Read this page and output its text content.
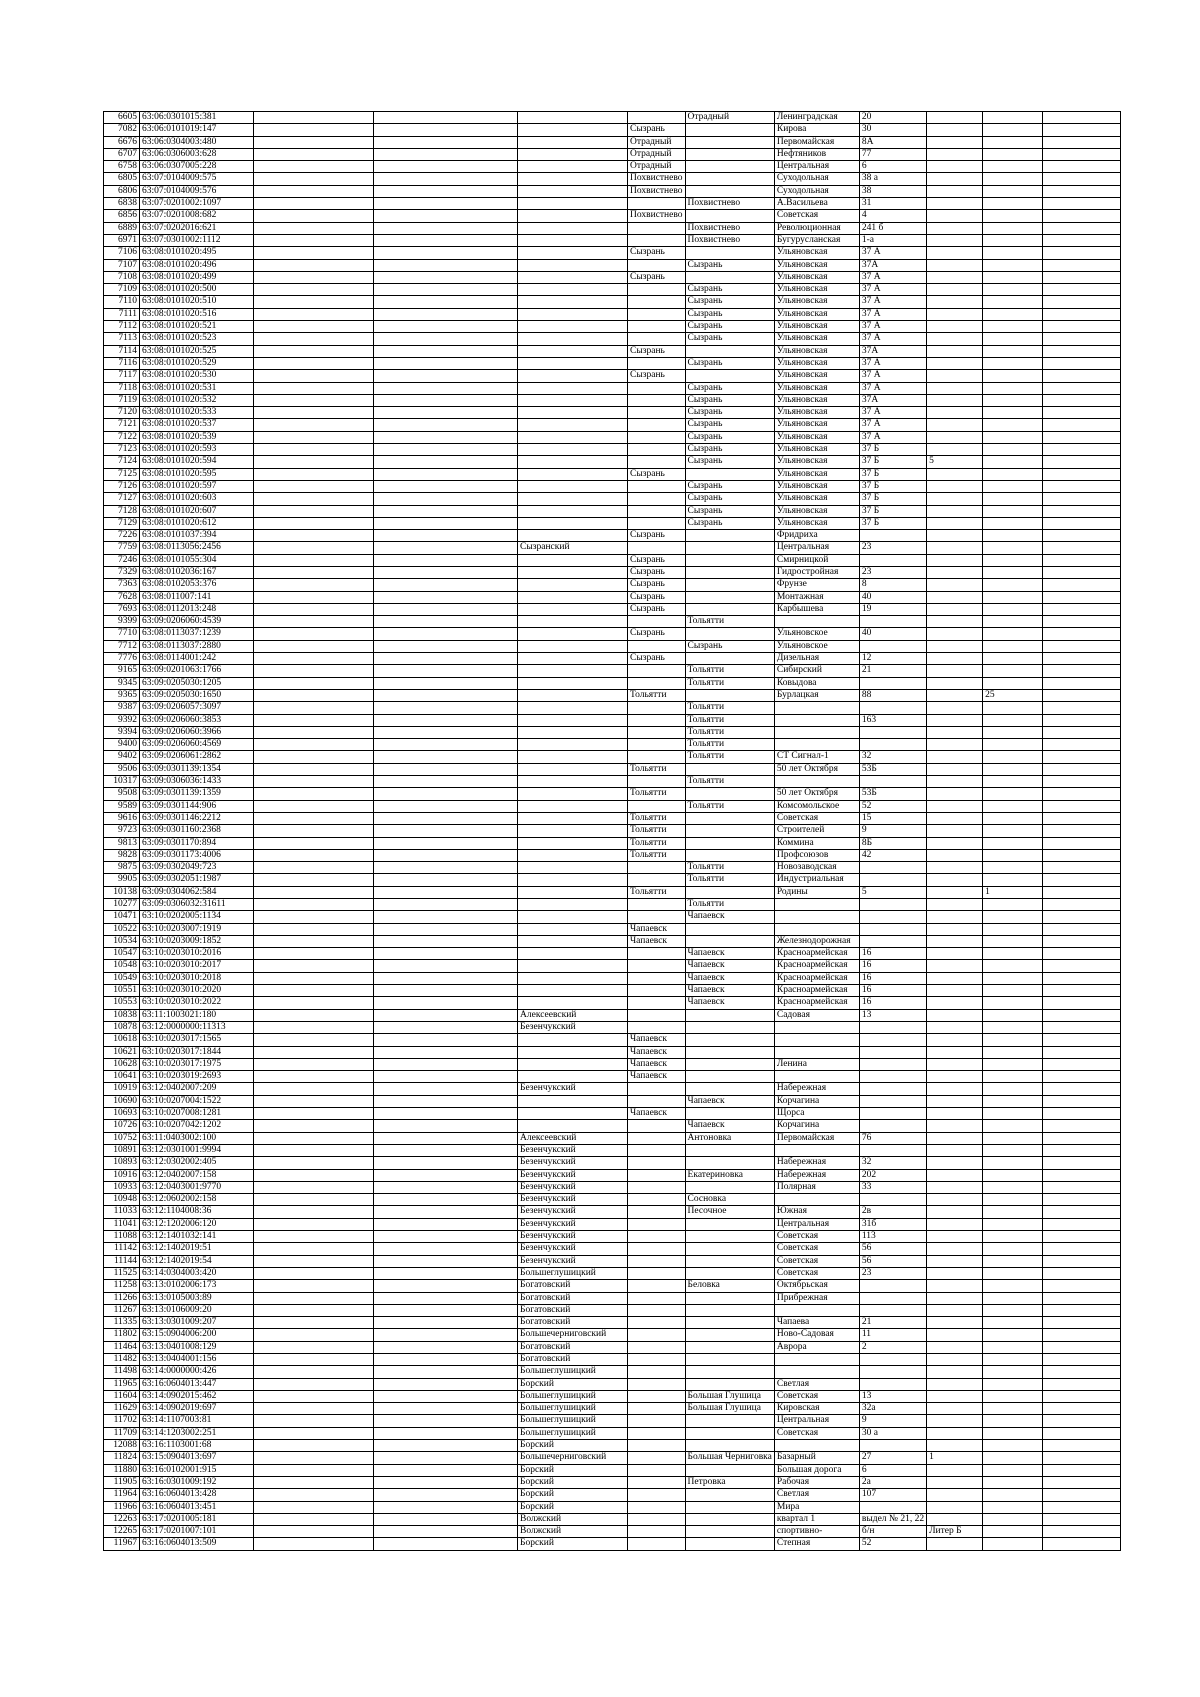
6605	63:06:0301015:381					Отрадный	Ленинградская	20			
7082	63:06:0101019:147				Сызрань		Кирова	30			
6676	63:06:0304003:480				Отрадный		Первомайская	8А			
6707	63:06:0306003:628				Отрадный		Нефтяников	77			
6758	63:06:0307005:228				Отрадный		Центральная	6			
6805	63:07:0104009:575				Похвистнево		Суходольная	38 а			
6806	63:07:0104009:576				Похвистнево		Суходольная	38			
6838	63:07:0201002:1097					Похвистнево	А.Васильева	31			
6856	63:07:0201008:682				Похвистнево		Советская	4			
6889	63:07:0202016:621					Похвистнево	Революционная	241 б			
6971	63:07:0301002:1112					Похвистнево	Бугурусланская	1-а			
7106	63:08:0101020:495				Сызрань		Ульяновская	37 А			
7107	63:08:0101020:496					Сызрань	Ульяновская	37А			
7108	63:08:0101020:499				Сызрань		Ульяновская	37 А			
7109	63:08:0101020:500					Сызрань	Ульяновская	37 А			
7110	63:08:0101020:510					Сызрань	Ульяновская	37 А			
7111	63:08:0101020:516					Сызрань	Ульяновская	37 А			
7112	63:08:0101020:521					Сызрань	Ульяновская	37 А			
7113	63:08:0101020:523					Сызрань	Ульяновская	37 А			
7114	63:08:0101020:525				Сызрань		Ульяновская	37А			
7116	63:08:0101020:529					Сызрань	Ульяновская	37 А			
7117	63:08:0101020:530				Сызрань		Ульяновская	37 А			
7118	63:08:0101020:531					Сызрань	Ульяновская	37 А			
7119	63:08:0101020:532					Сызрань	Ульяновская	37А			
7120	63:08:0101020:533					Сызрань	Ульяновская	37 А			
7121	63:08:0101020:537					Сызрань	Ульяновская	37 А			
7122	63:08:0101020:539					Сызрань	Ульяновская	37 А			
7123	63:08:0101020:593					Сызрань	Ульяновская	37 Б			
7124	63:08:0101020:594					Сызрань	Ульяновская	37 Б	5		
7125	63:08:0101020:595				Сызрань		Ульяновская	37 Б			
7126	63:08:0101020:597					Сызрань	Ульяновская	37 Б			
7127	63:08:0101020:603					Сызрань	Ульяновская	37 Б			
7128	63:08:0101020:607					Сызрань	Ульяновская	37 Б			
7129	63:08:0101020:612					Сызрань	Ульяновская	37 Б			
7226	63:08:0101037:394				Сызрань		Фридриха				
7759	63:08:0113056:2456			Сызранский			Центральная	23			
7246	63:08:0101055:304				Сызрань		Смирницкой				
7329	63:08:0102036:167				Сызрань		Гидростройная	23			
7363	63:08:0102053:376				Сызрань		Фрунзе	8			
7628	63:08:011007:141				Сызрань		Монтажная	40			
7693	63:08:0112013:248				Сызрань		Карбышева	19			
9399	63:09:0206060:4539					Тольятти					
7710	63:08:0113037:1239				Сызрань		Ульяновское	40			
7712	63:08:0113037:2880					Сызрань	Ульяновское				
7776	63:08:0114001:242				Сызрань		Дизельная	12			
9165	63:09:0201063:1766					Тольятти	Сибирский	21			
9345	63:09:0205030:1205					Тольятти	Ковыдова				
9365	63:09:0205030:1650				Тольятти		Бурлацкая	88		25	
9387	63:09:0206057:3097					Тольятти					
9392	63:09:0206060:3853					Тольятти		163			
9394	63:09:0206060:3966					Тольятти					
9400	63:09:0206060:4569					Тольятти					
9402	63:09:0206061:2862					Тольятти	СТ Сигнал-1	32			
9506	63:09:0301139:1354				Тольятти		50 лет Октября	53Б			
10317	63:09:0306036:1433					Тольятти					
9508	63:09:0301139:1359				Тольятти		50 лет Октября	53Б			
9589	63:09:0301144:906					Тольятти	Комсомольское	52			
9616	63:09:0301146:2212				Тольятти		Советская	15			
9723	63:09:0301160:2368				Тольятти		Строителей	9			
9813	63:09:0301170:894				Тольятти		Коммина	8Б			
9828	63:09:0301173:4006				Тольятти		Профсоюзов	42			
9875	63:09:0302049:723					Тольятти	Новозаводская				
9905	63:09:0302051:1987					Тольятти	Индустриальная				
10138	63:09:0304062:584				Тольятти		Родины	5		1	
10277	63:09:0306032:31611					Тольятти					
10471	63:10:0202005:1134					Чапаевск					
10522	63:10:0203007:1919				Чапаевск						
10534	63:10:0203009:1852				Чапаевск		Железнодорожная				
10547	63:10:0203010:2016					Чапаевск	Красноармейская	16			
10548	63:10:0203010:2017					Чапаевск	Красноармейская	16			
10549	63:10:0203010:2018					Чапаевск	Красноармейская	16			
10551	63:10:0203010:2020					Чапаевск	Красноармейская	16			
10553	63:10:0203010:2022					Чапаевск	Красноармейская	16			
10838	63:11:1003021:180			Алексеевский			Садовая	13			
10878	63:12:0000000:11313			Безенчукский							
10618	63:10:0203017:1565				Чапаевск						
10621	63:10:0203017:1844				Чапаевск						
10628	63:10:0203017:1975				Чапаевск		Ленина				
10641	63:10:0203019:2693				Чапаевск						
10919	63:12:0402007:209			Безенчукский			Набережная				
10690	63:10:0207004:1522					Чапаевск	Корчагина				
10693	63:10:0207008:1281				Чапаевск		Щорса				
10726	63:10:0207042:1202					Чапаевск	Корчагина				
10752	63:11:0403002:100			Алексеевский		Антоновка	Первомайская	76			
10891	63:12:0301001:9994			Безенчукский							
10893	63:12:0302002:405			Безенчукский			Набережная	32			
10916	63:12:0402007:158			Безенчукский		Екатериновка	Набережная	202			
10933	63:12:0403001:9770			Безенчукский			Полярная	33			
10948	63:12:0602002:158			Безенчукский		Сосновка					
11033	63:12:1104008:36			Безенчукский		Песочное	Южная	2в			
11041	63:12:1202006:120			Безенчукский			Центральная	31б			
11088	63:12:1401032:141			Безенчукский			Советская	113			
11142	63:12:1402019:51			Безенчукский			Советская	56			
11144	63:12:1402019:54			Безенчукский			Советская	56			
11525	63:14:0304003:420			Большеглушицкий			Советская	23			
11258	63:13:0102006:173			Богатовский		Беловка	Октябрьская				
11266	63:13:0105003:89			Богатовский			Прибрежная				
11267	63:13:0106009:20			Богатовский							
11335	63:13:0301009:207			Богатовский			Чапаева	21			
11802	63:15:0904006:200			Большечерниговский			Ново-Садовая	11			
11464	63:13:0401008:129			Богатовский			Аврора	2			
11482	63:13:0404001:156			Богатовский							
11498	63:14:0000000:426			Большеглушицкий							
11965	63:16:0604013:447			Борский			Светлая				
11604	63:14:0902015:462			Большеглушицкий		Большая Глушица	Советская	13			
11629	63:14:0902019:697			Большеглушицкий		Большая Глушица	Кировская	32а			
11702	63:14:1107003:81			Большеглушицкий			Центральная	9			
11709	63:14:1203002:251			Большеглушицкий			Советская	30 а			
12088	63:16:1103001:68			Борский							
11824	63:15:0904013:697			Большечерниговский		Большая Черниговка	Базарный	27	1		
11880	63:16:0102001:915			Борский			Большая дорога	6			
11905	63:16:0301009:192			Борский		Петровка	Рабочая	2а			
11964	63:16:0604013:428			Борский			Светлая	107			
11966	63:16:0604013:451			Борский			Мира				
12263	63:17:0201005:181			Волжский			квартал 1	выдел № 21, 22			
12265	63:17:0201007:101			Волжский			спортивно-	б/н	Литер Б		
11967	63:16:0604013:509			Борский			Степная	52			
